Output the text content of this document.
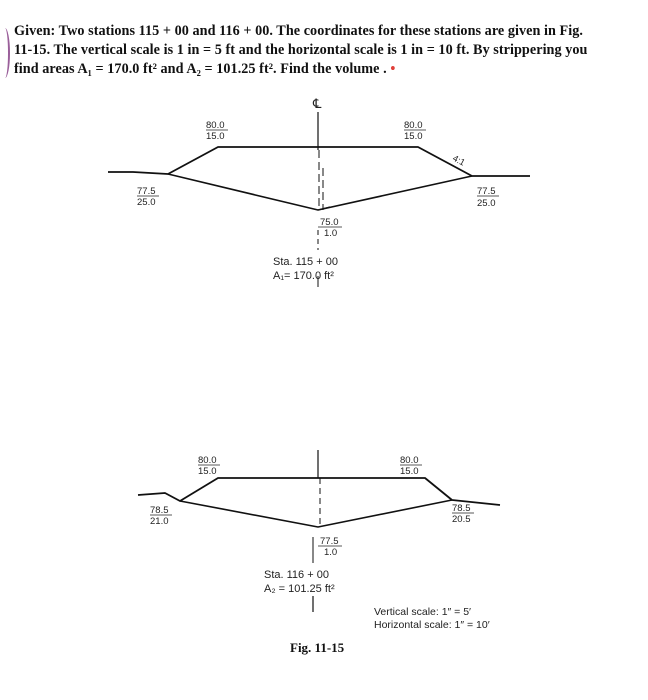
Given: Two stations 115 + 00 and 116 + 00. The coordinates for these stations are given in Fig.
11-15. The vertical scale is 1 in = 5 ft and the horizontal scale is 1 in = 10 ft. By strippering you
find areas A₁ = 170.0 ft² and A₂ = 101.25 ft². Find the volume . •
℄
80.0
15.0
80.0
15.0
4:1
77.5
25.0
77.5
25.0
75.0
1.0
Sta. 115 + 00
A₁= 170.0 ft²
80.0
15.0
80.0
15.0
78.5
21.0
78.5
20.5
77.5
1.0
Sta. 116 + 00
A₂ = 101.25 ft²
Vertical scale: 1″ = 5′
Horizontal scale: 1″ = 10′
Fig. 11-15
